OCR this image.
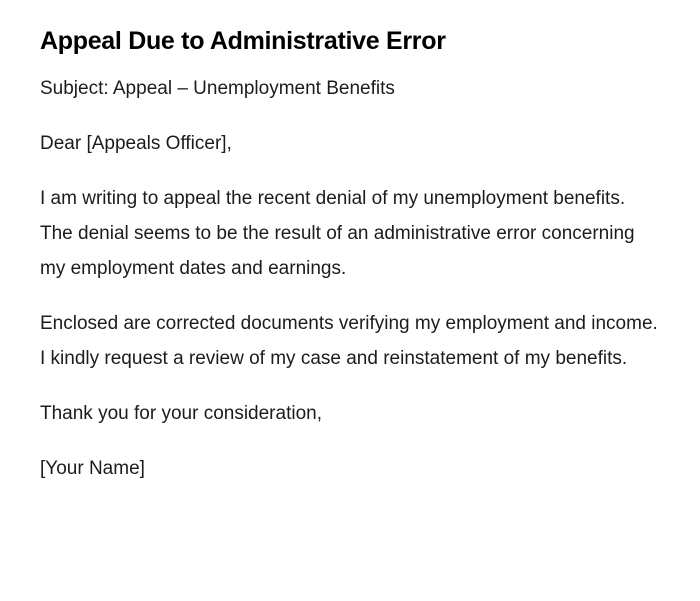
Appeal Due to Administrative Error

Subject: Appeal – Unemployment Benefits

Dear [Appeals Officer],

I am writing to appeal the recent denial of my unemployment benefits. The denial seems to be the result of an administrative error concerning my employment dates and earnings.

Enclosed are corrected documents verifying my employment and income. I kindly request a review of my case and reinstatement of my benefits.

Thank you for your consideration,

[Your Name]
